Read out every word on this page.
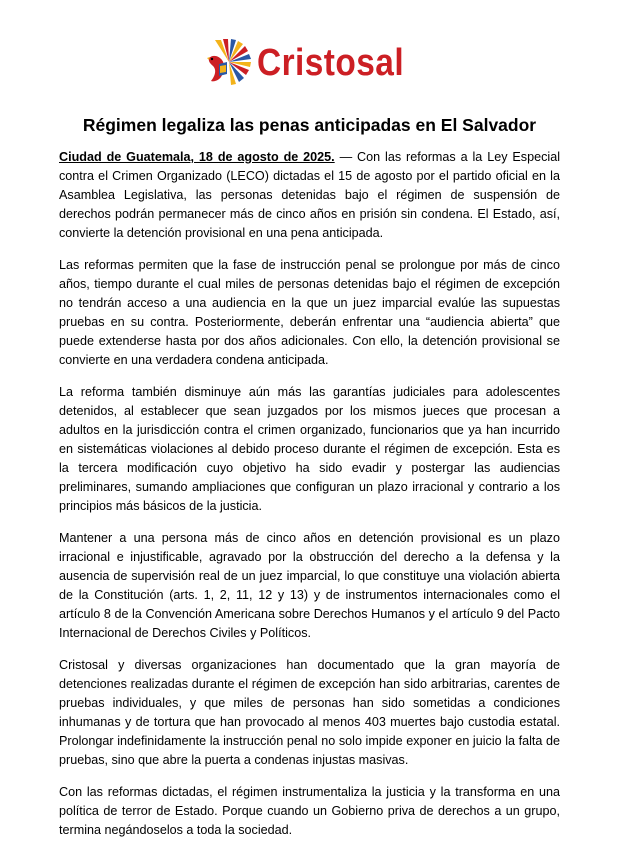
Cristosal
Régimen legaliza las penas anticipadas en El Salvador

Ciudad de Guatemala, 18 de agosto de 2025. — Con las reformas a la Ley Especial contra el Crimen Organizado (LECO) dictadas el 15 de agosto por el partido oficial en la Asamblea Legislativa, las personas detenidas bajo el régimen de suspensión de derechos podrán permanecer más de cinco años en prisión sin condena. El Estado, así, convierte la detención provisional en una pena anticipada.

Las reformas permiten que la fase de instrucción penal se prolongue por más de cinco años, tiempo durante el cual miles de personas detenidas bajo el régimen de excepción no tendrán acceso a una audiencia en la que un juez imparcial evalúe las supuestas pruebas en su contra. Posteriormente, deberán enfrentar una “audiencia abierta” que puede extenderse hasta por dos años adicionales. Con ello, la detención provisional se convierte en una verdadera condena anticipada.

La reforma también disminuye aún más las garantías judiciales para adolescentes detenidos, al establecer que sean juzgados por los mismos jueces que procesan a adultos en la jurisdicción contra el crimen organizado, funcionarios que ya han incurrido en sistemáticas violaciones al debido proceso durante el régimen de excepción. Esta es la tercera modificación cuyo objetivo ha sido evadir y postergar las audiencias preliminares, sumando ampliaciones que configuran un plazo irracional y contrario a los principios más básicos de la justicia.

Mantener a una persona más de cinco años en detención provisional es un plazo irracional e injustificable, agravado por la obstrucción del derecho a la defensa y la ausencia de supervisión real de un juez imparcial, lo que constituye una violación abierta de la Constitución (arts. 1, 2, 11, 12 y 13) y de instrumentos internacionales como el artículo 8 de la Convención Americana sobre Derechos Humanos y el artículo 9 del Pacto Internacional de Derechos Civiles y Políticos.

Cristosal y diversas organizaciones han documentado que la gran mayoría de detenciones realizadas durante el régimen de excepción han sido arbitrarias, carentes de pruebas individuales, y que miles de personas han sido sometidas a condiciones inhumanas y de tortura que han provocado al menos 403 muertes bajo custodia estatal. Prolongar indefinidamente la instrucción penal no solo impide exponer en juicio la falta de pruebas, sino que abre la puerta a condenas injustas masivas.

Con las reformas dictadas, el régimen instrumentaliza la justicia y la transforma en una política de terror de Estado. Porque cuando un Gobierno priva de derechos a un grupo, termina negándoselos a toda la sociedad.
